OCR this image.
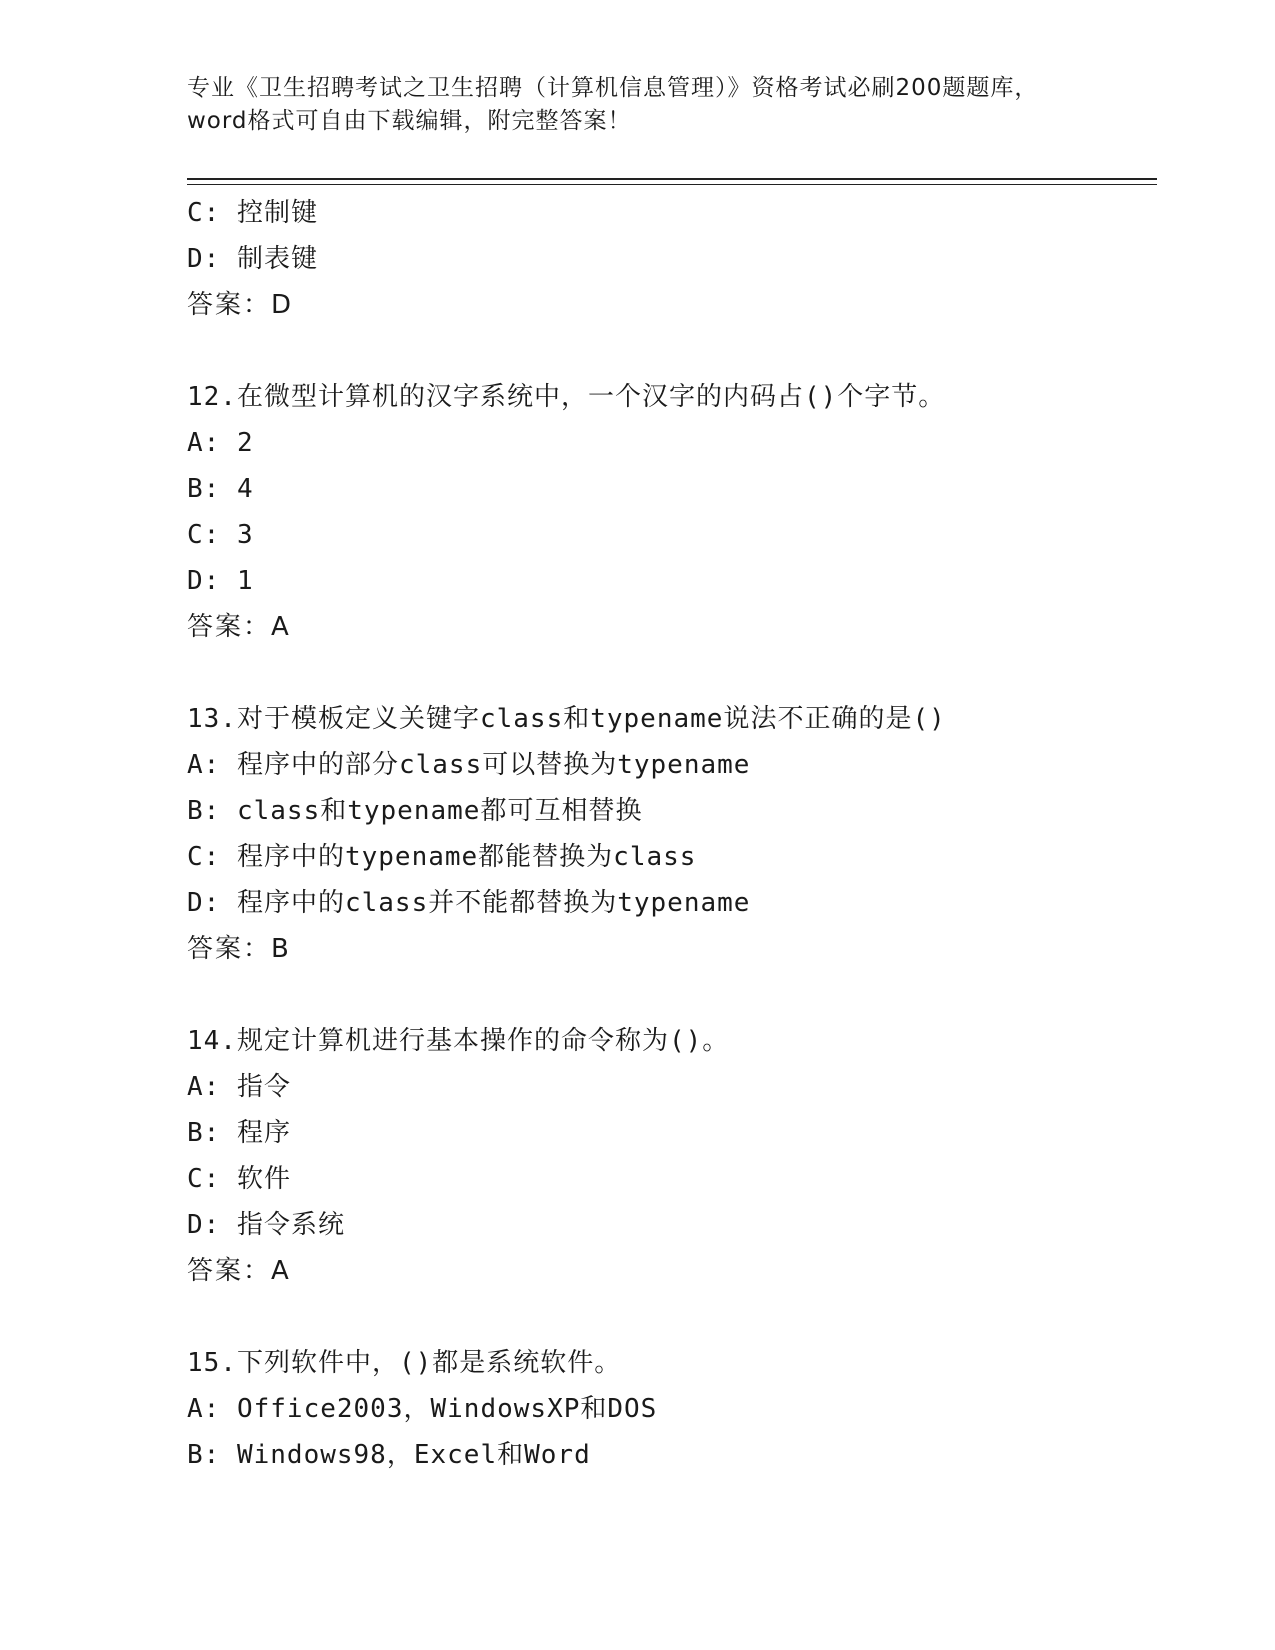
专业《卫生招聘考试之卫生招聘（计算机信息管理）》资格考试必刷200题题库，
word格式可自由下载编辑，附完整答案！
C: 控制键
D: 制表键
答案：D
12.在微型计算机的汉字系统中，一个汉字的内码占()个字节。
A: 2
B: 4
C: 3
D: 1
答案：A
13.对于模板定义关键字class和typename说法不正确的是()
A: 程序中的部分class可以替换为typename
B: class和typename都可互相替换
C: 程序中的typename都能替换为class
D: 程序中的class并不能都替换为typename
答案：B
14.规定计算机进行基本操作的命令称为()。
A: 指令
B: 程序
C: 软件
D: 指令系统
答案：A
15.下列软件中，()都是系统软件。
A: Office2003，WindowsXP和DOS
B: Windows98，Excel和Word
